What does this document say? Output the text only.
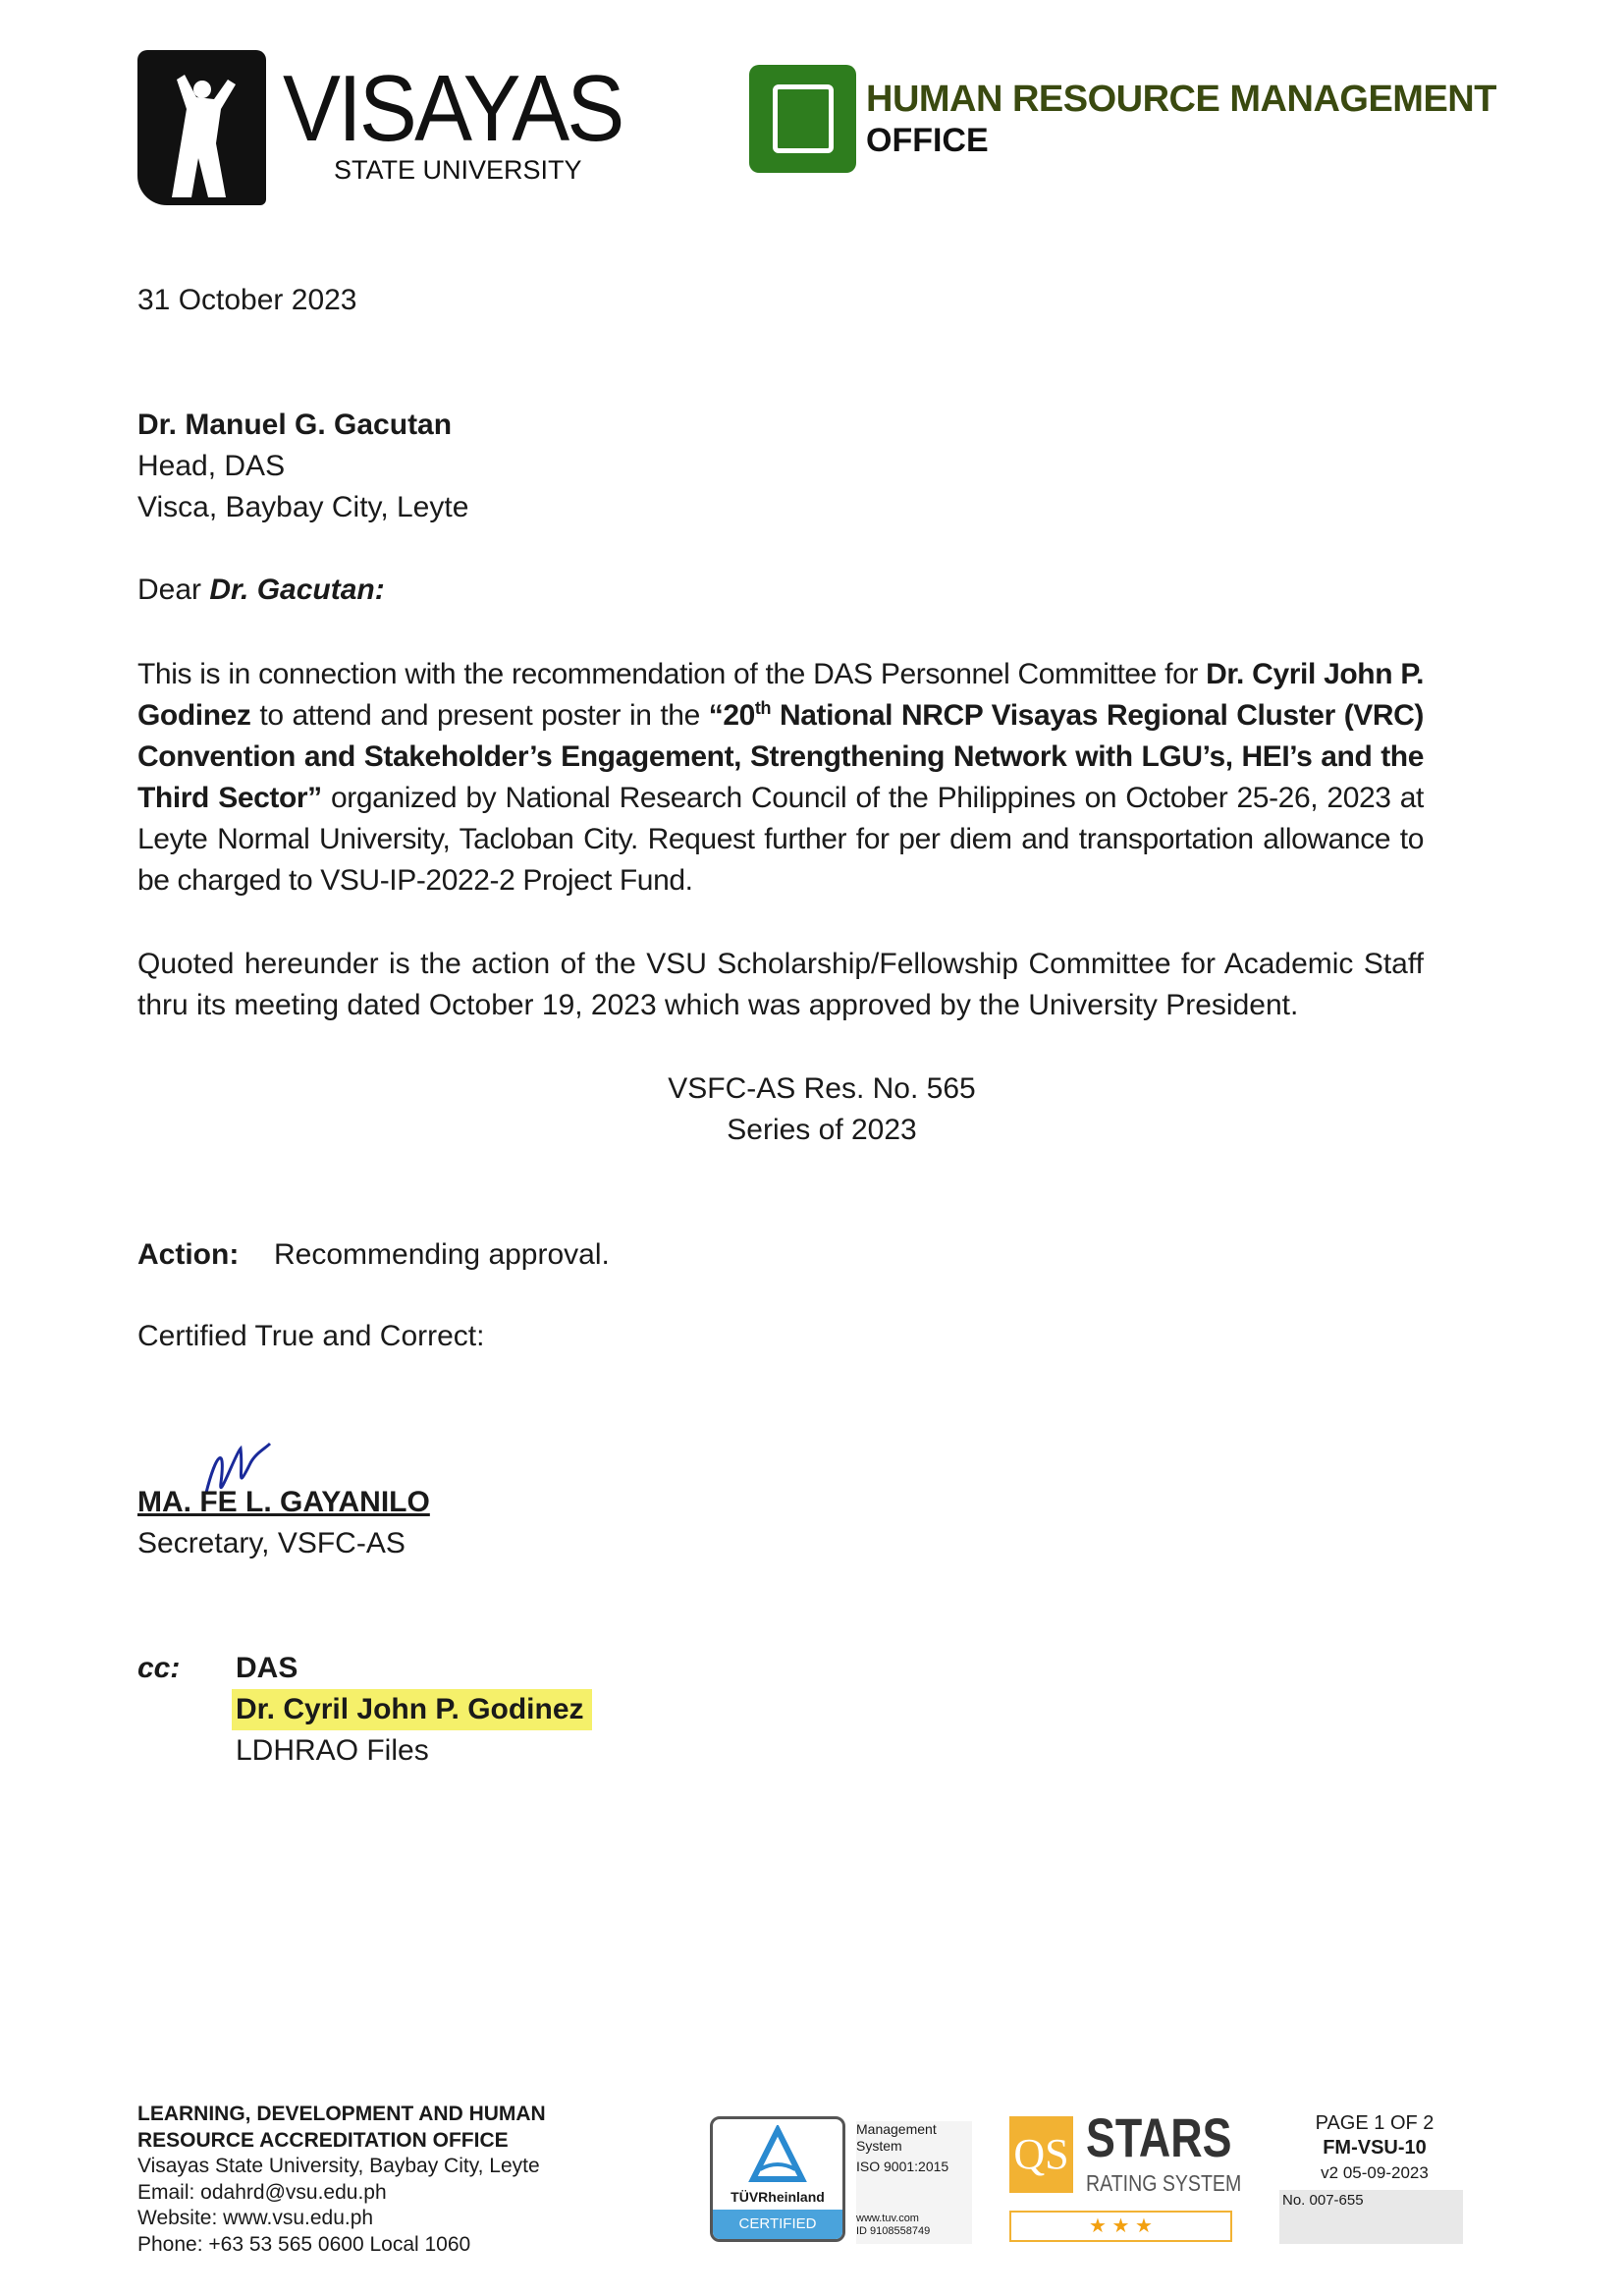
VISAYAS
STATE UNIVERSITY
HUMAN RESOURCE MANAGEMENT
OFFICE
31 October 2023
Dr. Manuel G. Gacutan
Head, DAS
Visca, Baybay City, Leyte
Dear Dr. Gacutan:
This is in connection with the recommendation of the DAS Personnel Committee for Dr. Cyril John P. Godinez to attend and present poster in the “20th National NRCP Visayas Regional Cluster (VRC) Convention and Stakeholder’s Engagement, Strengthening Network with LGU’s, HEI’s and the Third Sector” organized by National Research Council of the Philippines on October 25-26, 2023 at Leyte Normal University, Tacloban City. Request further for per diem and transportation allowance to be charged to VSU-IP-2022-2 Project Fund.
Quoted hereunder is the action of the VSU Scholarship/Fellowship Committee for Academic Staff thru its meeting dated October 19, 2023 which was approved by the University President.
VSFC-AS Res. No. 565
Series of 2023
Action: Recommending approval.
Certified True and Correct:
MA. FE L. GAYANILO
Secretary, VSFC-AS
cc: DAS
Dr. Cyril John P. Godinez
LDHRAO Files
LEARNING, DEVELOPMENT AND HUMAN
RESOURCE ACCREDITATION OFFICE
Visayas State University, Baybay City, Leyte
Email: odahrd@vsu.edu.ph
Website: www.vsu.edu.ph
Phone: +63 53 565 0600 Local 1060
TÜVRheinland
CERTIFIED
Management
System
ISO 9001:2015
www.tuv.com
ID 9108558749
QS STARS
RATING SYSTEM
★ ★ ★
PAGE 1 OF 2
FM-VSU-10
v2 05-09-2023
No. 007-655
